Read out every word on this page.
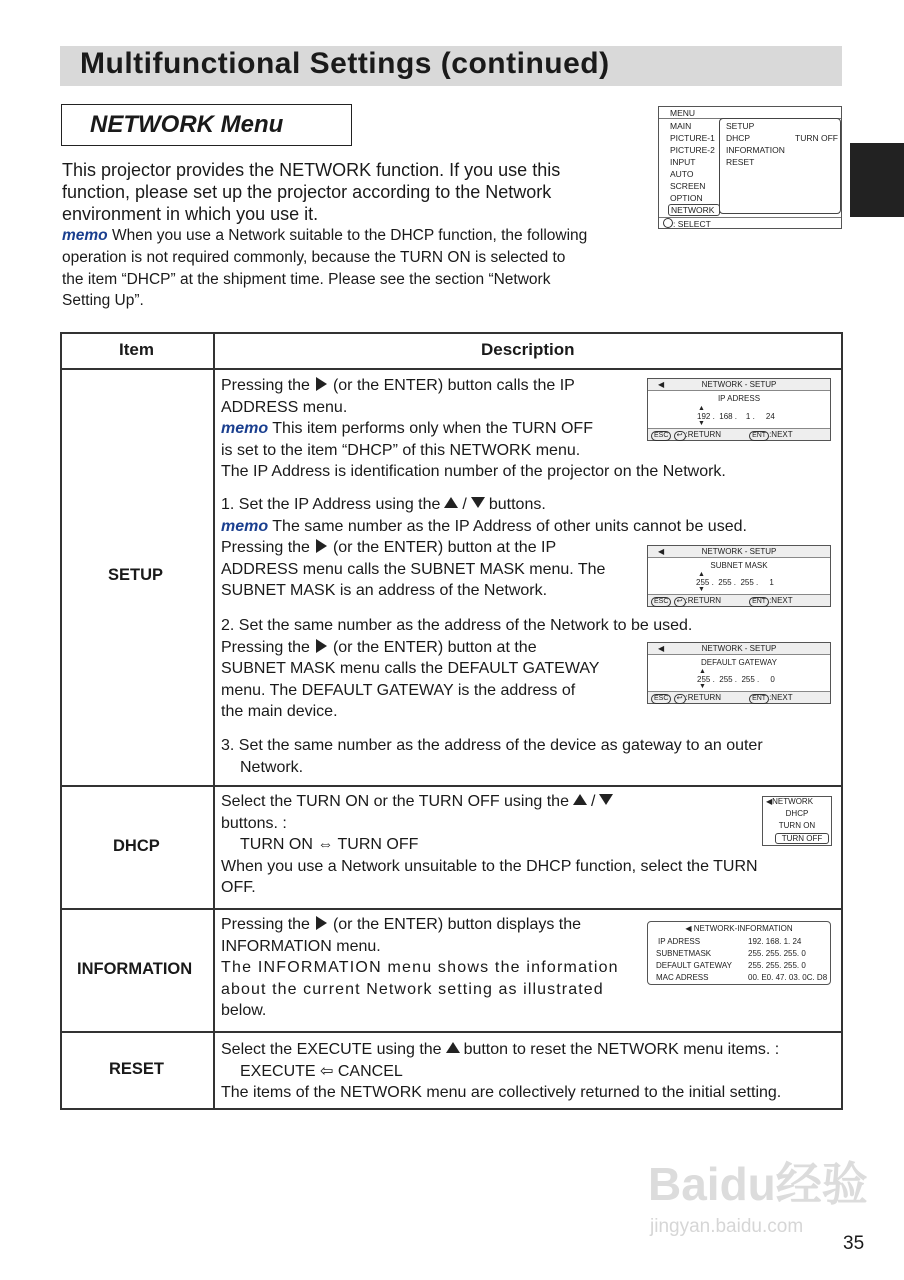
Multifunctional Settings (continued)
NETWORK Menu
This projector provides the NETWORK function. If you use this
function, please set up the projector according to the Network
environment in which you use it.
memo When you use a Network suitable to the DHCP function, the following
operation is not required commonly, because the TURN ON is selected to
the item “DHCP” at the shipment time. Please see the section “Network
Setting Up”.
MENU
MAIN
PICTURE-1
PICTURE-2
INPUT
AUTO
SCREEN
OPTION
NETWORK
SETUP
DHCP	TURN OFF
INFORMATION
RESET
: SELECT
Item	Description
SETUP
Pressing the (or the ENTER) button calls the IP
ADDRESS menu.
memo This item performs only when the TURN OFF
is set to the item “DHCP” of this NETWORK menu.
The IP Address is identification number of the projector on the Network.
1. Set the IP Address using the / buttons.
memo The same number as the IP Address of other units cannot be used.
Pressing the (or the ENTER) button at the IP
ADDRESS menu calls the SUBNET MASK menu. The
SUBNET MASK is an address of the Network.
2. Set the same number as the address of the Network to be used.
Pressing the (or the ENTER) button at the
SUBNET MASK menu calls the DEFAULT GATEWAY
menu. The DEFAULT GATEWAY is the address of
the main device.
3. Set the same number as the address of the device as gateway to an outer
Network.
◀	NETWORK - SETUP
IP ADRESS
▲
192 .  168 .    1 .     24
▼
ESC ↩ :RETURN	ENT :NEXT
◀	NETWORK - SETUP
SUBNET MASK
▲
255 .  255 .  255 .     1
▼
ESC ↩ :RETURN	ENT :NEXT
◀	NETWORK - SETUP
DEFAULT GATEWAY
▲
255 .  255 .  255 .     0
▼
ESC ↩ :RETURN	ENT :NEXT
DHCP
Select the TURN ON or the TURN OFF using the /
buttons. :
TURN ON ⇔ TURN OFF
When you use a Network unsuitable to the DHCP function, select the TURN
OFF.
◀NETWORK
DHCP
TURN ON
TURN OFF
INFORMATION
Pressing the (or the ENTER) button displays the
INFORMATION menu.
The INFORMATION menu shows the information
about the current Network setting as illustrated
below.
◀ NETWORK-INFORMATION
IP ADRESS	192. 168. 1. 24
SUBNETMASK	255. 255. 255. 0
DEFAULT GATEWAY 255. 255. 255. 0
MAC ADRESS	00. E0. 47. 03. 0C. D8
RESET
Select the EXECUTE using the button to reset the NETWORK menu items. :
EXECUTE ⇦ CANCEL
The items of the NETWORK menu are collectively returned to the initial setting.
Baidu经验
jingyan.baidu.com
35
